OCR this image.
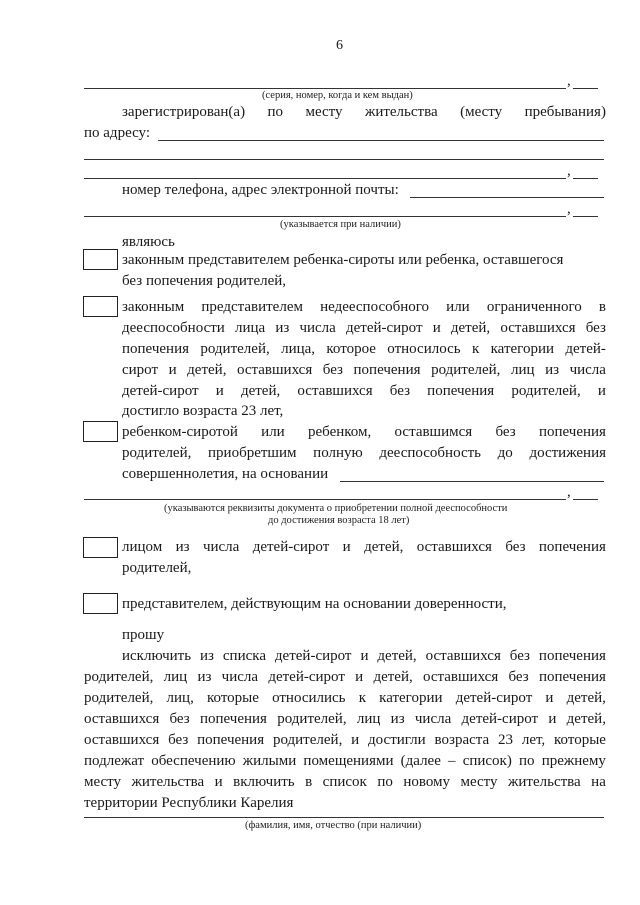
6
,
(серия, номер, когда и кем выдан)
зарегистрирован(а) по месту жительства (месту пребывания)
по адресу:
,
номер телефона, адрес электронной почты:
,
(указывается при наличии)
являюсь
законным представителем ребенка-сироты или ребенка, оставшегося
без попечения родителей,
законным представителем недееспособного или ограниченного в
дееспособности лица из числа детей-сирот и детей, оставшихся без
попечения родителей, лица, которое относилось к категории детей-
сирот и детей, оставшихся без попечения родителей, лиц из числа
детей-сирот и детей, оставшихся без попечения родителей, и
достигло возраста 23 лет,
ребенком-сиротой или ребенком, оставшимся без попечения
родителей, приобретшим полную дееспособность до достижения
совершеннолетия, на основании
,
(указываются реквизиты документа о приобретении полной дееспособности
до достижения возраста 18 лет)
лицом из числа детей-сирот и детей, оставшихся без попечения
родителей,
представителем, действующим на основании доверенности,
прошу
исключить из списка детей-сирот и детей, оставшихся без попечения
родителей, лиц из числа детей-сирот и детей, оставшихся без попечения
родителей, лиц, которые относились к категории детей-сирот и детей,
оставшихся без попечения родителей, лиц из числа детей-сирот и детей,
оставшихся без попечения родителей, и достигли возраста 23 лет, которые
подлежат обеспечению жилыми помещениями (далее – список) по прежнему
месту жительства и включить в список по новому месту жительства на
территории Республики Карелия
(фамилия, имя, отчество (при наличии)
